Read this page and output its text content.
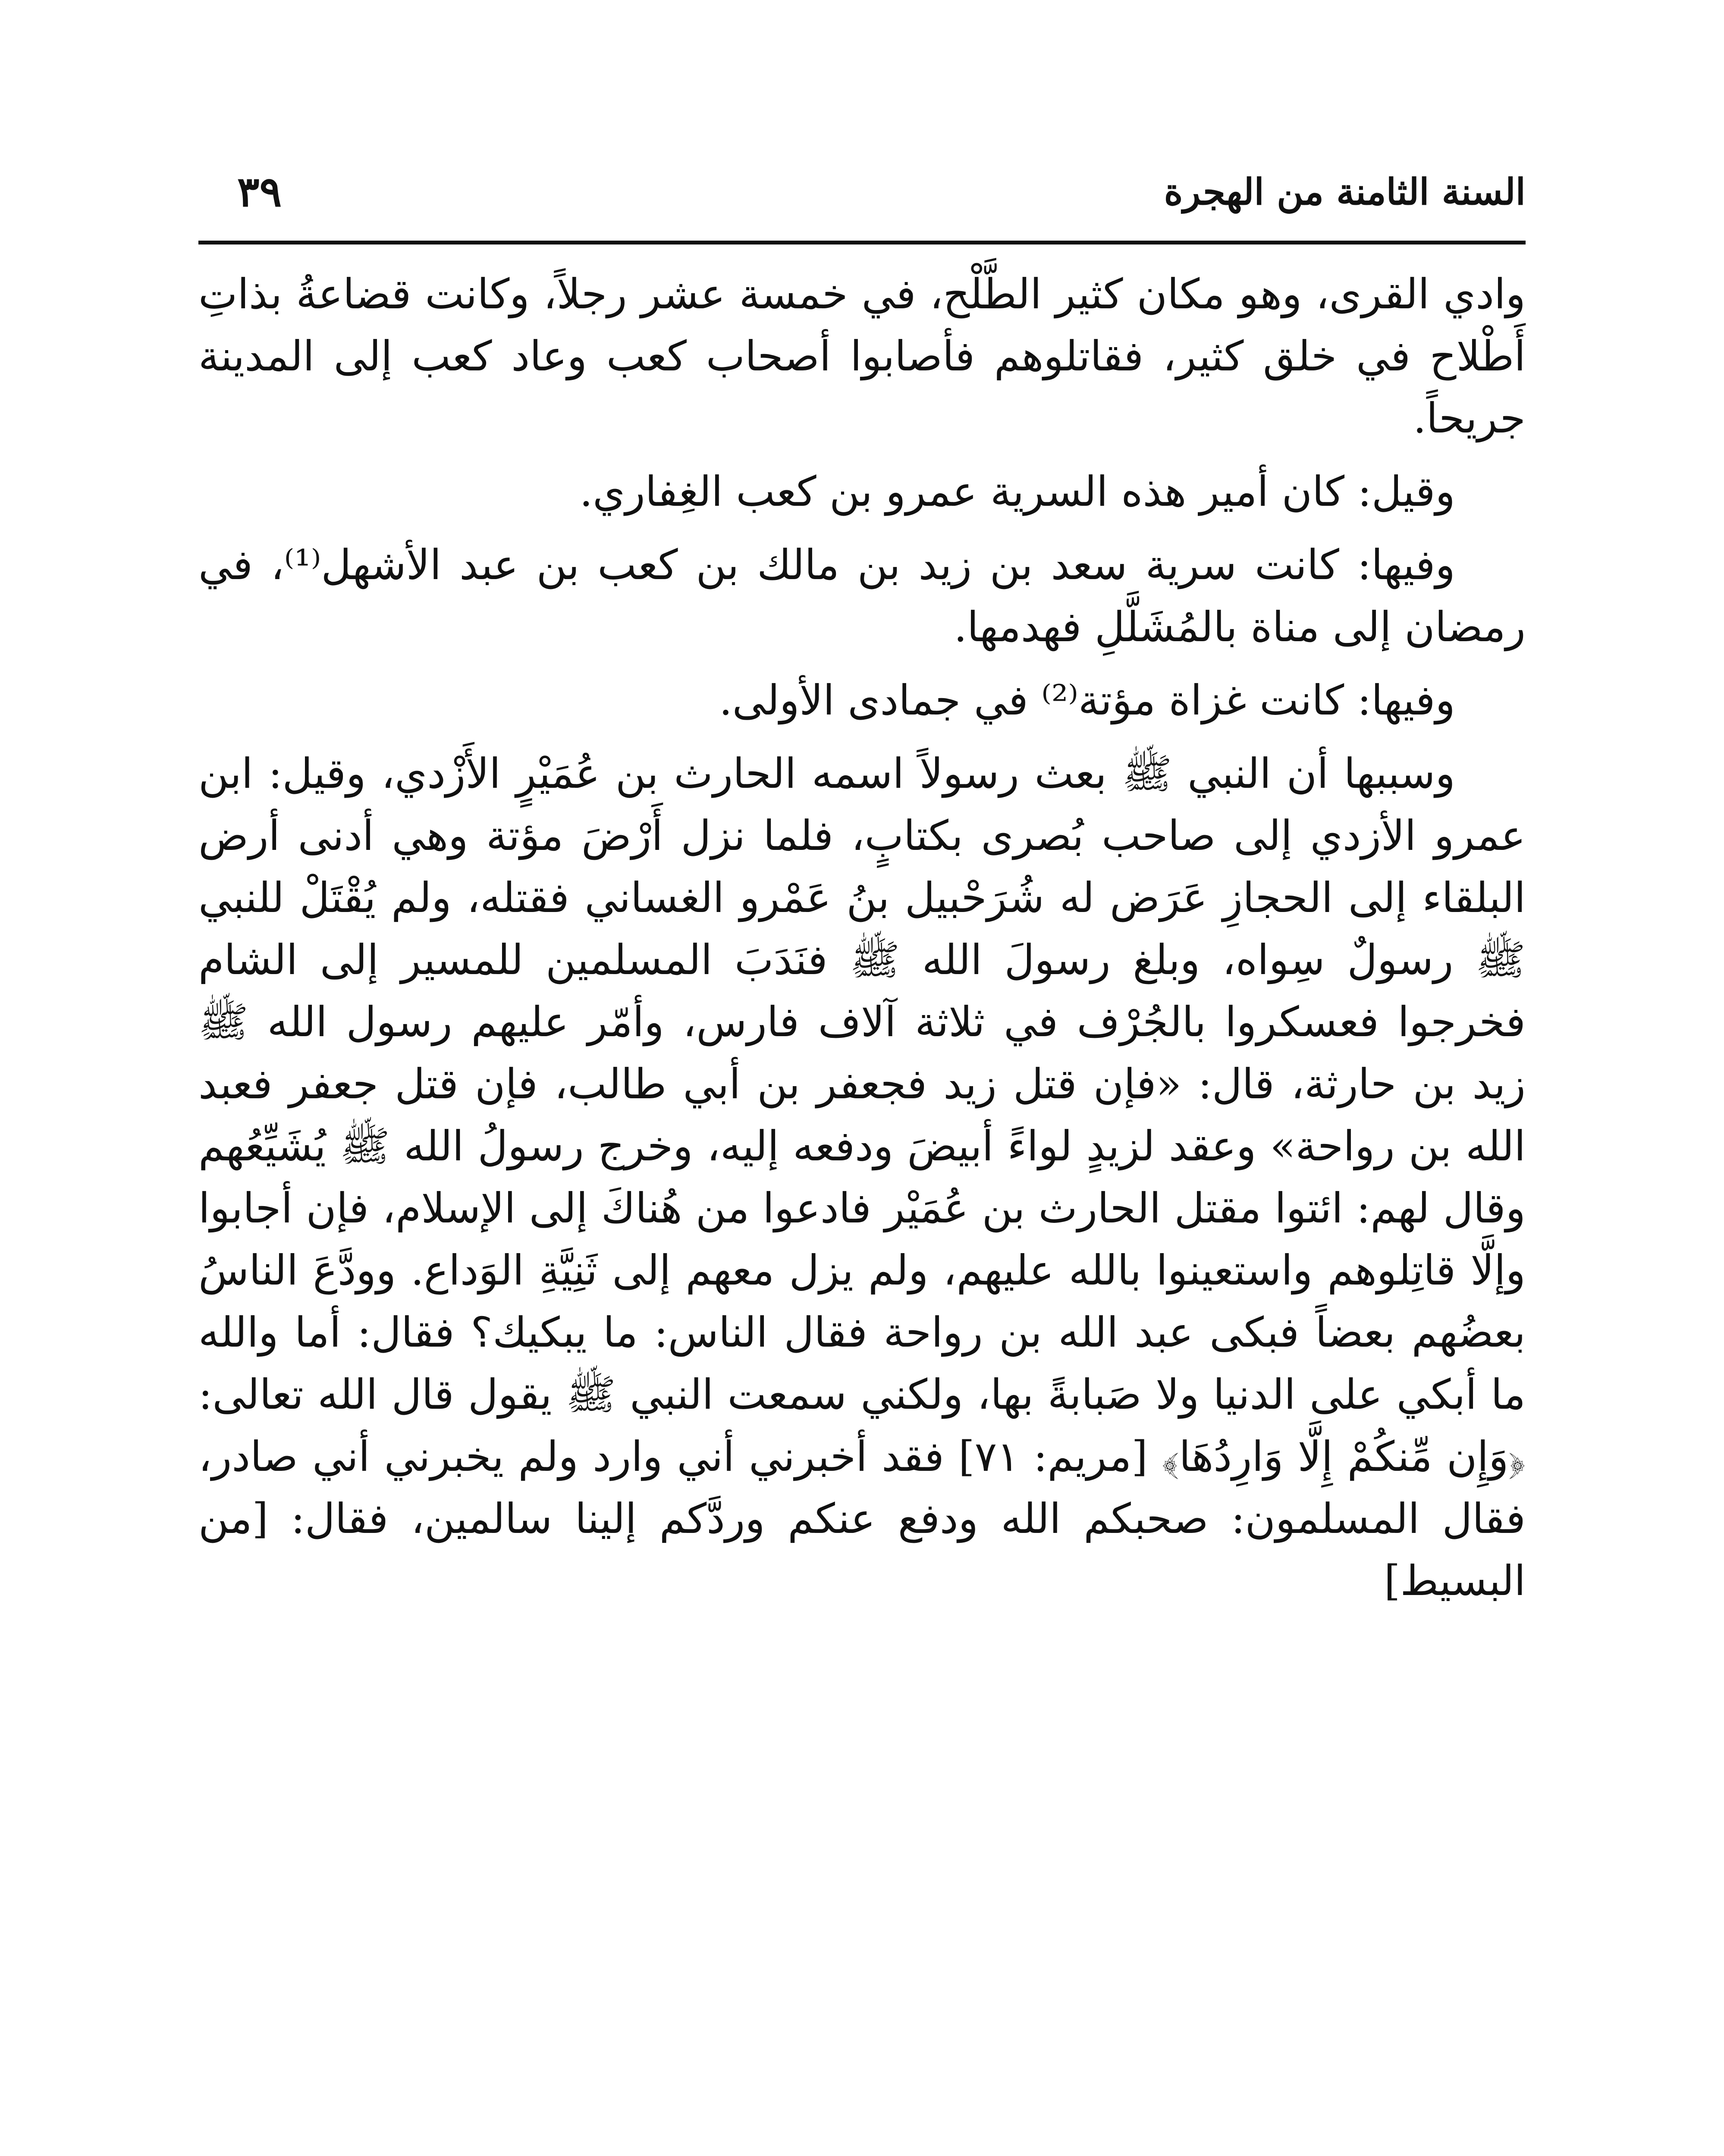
السنة الثامنة من الهجرة
٣٩

وادي القرى، وهو مكان كثير الطَّلْح، في خمسة عشر رجلاً، وكانت قضاعةُ بذاتِ أَطْلاح في خلق كثير، فقاتلوهم فأصابوا أصحاب كعب وعاد كعب إلى المدينة جريحاً.

وقيل: كان أمير هذه السرية عمرو بن كعب الغِفاري.

وفيها: كانت سرية سعد بن زيد بن مالك بن كعب بن عبد الأشهل⁽¹⁾، في رمضان إلى مناة بالمُشَلَّلِ فهدمها.

وفيها: كانت غزاة مؤتة⁽²⁾ في جمادى الأولى.

وسببها أن النبي ﷺ بعث رسولاً اسمه الحارث بن عُمَيْرٍ الأَزْدي، وقيل: ابن عمرو الأزدي إلى صاحب بُصرى بكتابٍ، فلما نزل أَرْضَ مؤتة وهي أدنى أرض البلقاء إلى الحجازِ عَرَض له شُرَحْبيل بنُ عَمْرو الغساني فقتله، ولم يُقْتَلْ للنبي ﷺ رسولٌ سِواه، وبلغ رسولَ الله ﷺ فنَدَبَ المسلمين للمسير إلى الشام فخرجوا فعسكروا بالجُرْف في ثلاثة آلاف فارس، وأمّر عليهم رسول الله ﷺ زيد بن حارثة، قال: «فإن قتل زيد فجعفر بن أبي طالب، فإن قتل جعفر فعبد الله بن رواحة» وعقد لزيدٍ لواءً أبيضَ ودفعه إليه، وخرج رسولُ الله ﷺ يُشَيِّعُهم وقال لهم: ائتوا مقتل الحارث بن عُمَيْر فادعوا من هُناكَ إلى الإسلام، فإن أجابوا وإلَّا قاتِلوهم واستعينوا بالله عليهم، ولم يزل معهم إلى ثَنِيَّةِ الوَداع. وودَّعَ الناسُ بعضُهم بعضاً فبكى عبد الله بن رواحة فقال الناس: ما يبكيك؟ فقال: أما والله ما أبكي على الدنيا ولا صَبابةً بها، ولكني سمعت النبي ﷺ يقول قال الله تعالى: ﴿وَإِن مِّنكُمْ إِلَّا وَارِدُهَا﴾ [مريم: ٧١] فقد أخبرني أني وارد ولم يخبرني أني صادر، فقال المسلمون: صحبكم الله ودفع عنكم وردَّكم إلينا سالمين، فقال: [من البسيط]
